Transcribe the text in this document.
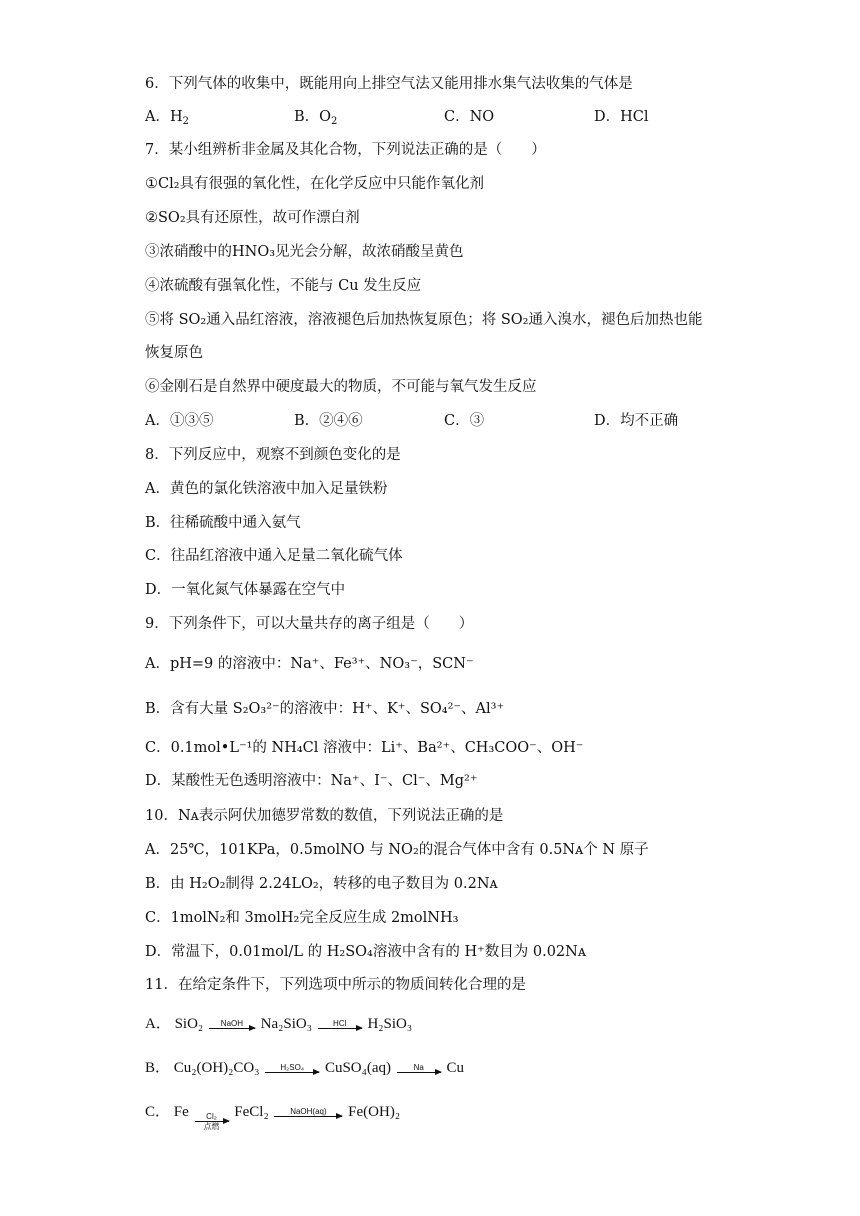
6．下列气体的收集中，既能用向上排空气法又能用排水集气法收集的气体是
A．$H_2$	B．$O_2$	C．NO	D．HCl
7．某小组辨析非金属及其化合物，下列说法正确的是（　　）
①Cl₂具有很强的氧化性，在化学反应中只能作氧化剂
②SO₂具有还原性，故可作漂白剂
③浓硝酸中的HNO₃见光会分解，故浓硝酸呈黄色
④浓硫酸有强氧化性，不能与 Cu 发生反应
⑤将 SO₂通入品红溶液，溶液褪色后加热恢复原色；将 SO₂通入溴水，褪色后加热也能
恢复原色
⑥金刚石是自然界中硬度最大的物质，不可能与氧气发生反应
A．①③⑤	B．②④⑥	C．③	D．均不正确
8．下列反应中，观察不到颜色变化的是
A．黄色的氯化铁溶液中加入足量铁粉
B．往稀硫酸中通入氨气
C．往品红溶液中通入足量二氧化硫气体
D．一氧化氮气体暴露在空气中
9．下列条件下，可以大量共存的离子组是（　　）
A．pH=9 的溶液中：Na⁺、Fe³⁺、NO₃⁻，SCN⁻
B．含有大量 S₂O₃²⁻的溶液中：H⁺、K⁺、SO₄²⁻、Al³⁺
C．0.1mol•L⁻¹的 NH₄Cl 溶液中：Li⁺、Ba²⁺、CH₃COO⁻、OH⁻
D．某酸性无色透明溶液中：Na⁺、I⁻、Cl⁻、Mg²⁺
10．Nᴀ表示阿伏加德罗常数的数值，下列说法正确的是
A．25℃，101KPa，0.5molNO 与 NO₂的混合气体中含有 0.5Nᴀ个 N 原子
B．由 H₂O₂制得 2.24LO₂，转移的电子数目为 0.2Nᴀ
C．1molN₂和 3molH₂完全反应生成 2molNH₃
D．常温下，0.01mol/L 的 H₂SO₄溶液中含有的 H⁺数目为 0.02Nᴀ
11．在给定条件下，下列选项中所示的物质间转化合理的是
A． SiO₂ NaOH Na₂SiO₃	HCl H₂SiO₃
B． Cu₂(OH)₂CO₃	H₂SO₄ CuSO₄(aq)	Na Cu
C． Fe Cl₂
点燃
FeCl₂	NaOH(aq) Fe(OH)₂
